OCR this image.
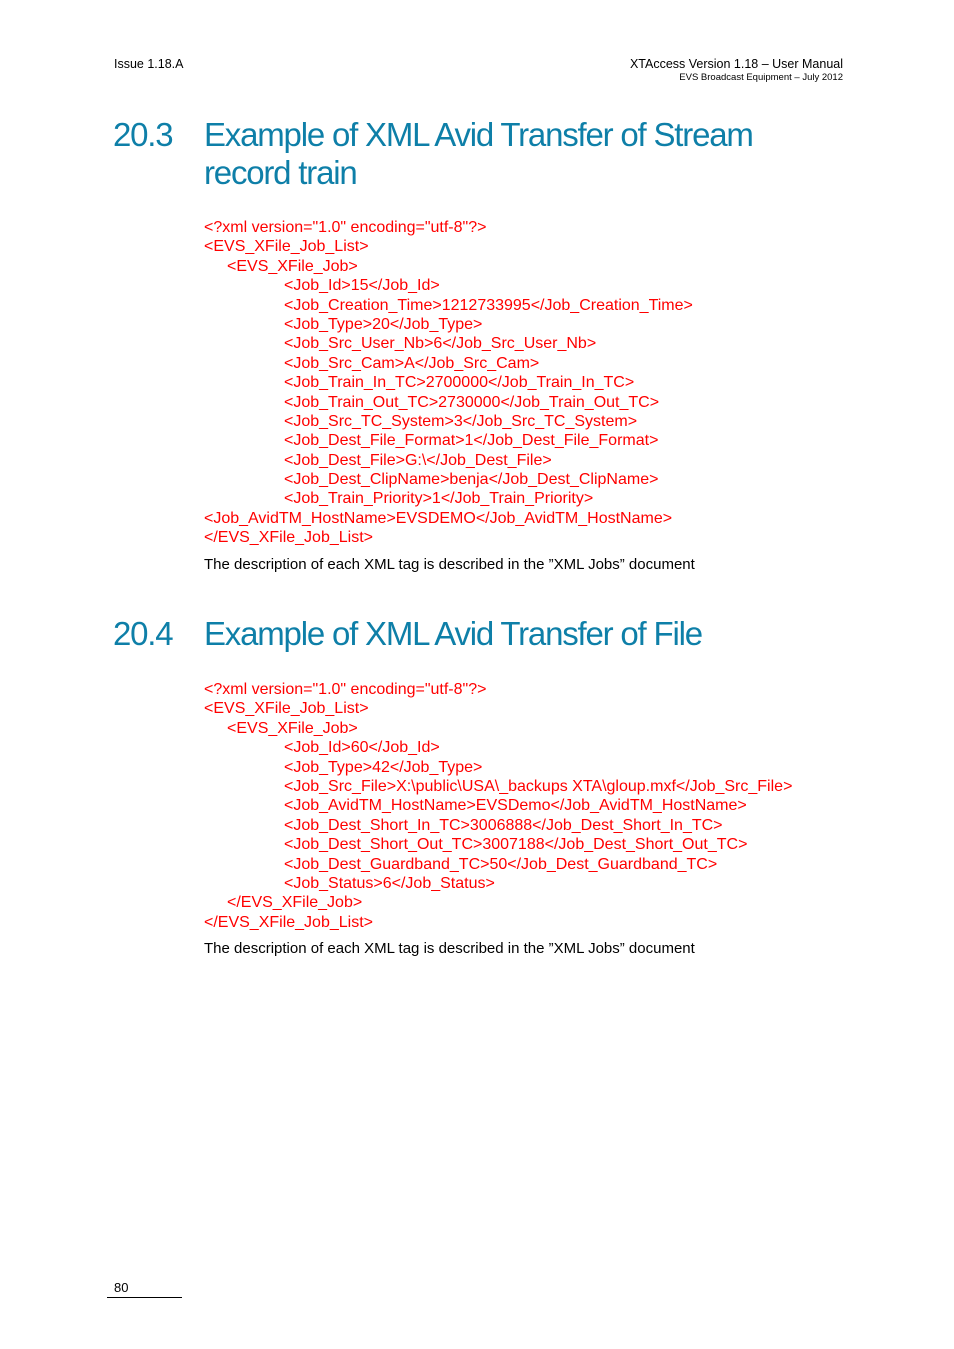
Issue 1.18.A	XTAccess Version 1.18 – User Manual
EVS Broadcast Equipment – July 2012
20.3 Example of XML Avid Transfer of Stream record train
<?xml version="1.0" encoding="utf-8"?>
<EVS_XFile_Job_List>
<EVS_XFile_Job>
<Job_Id>15</Job_Id>
<Job_Creation_Time>1212733995</Job_Creation_Time>
<Job_Type>20</Job_Type>
<Job_Src_User_Nb>6</Job_Src_User_Nb>
<Job_Src_Cam>A</Job_Src_Cam>
<Job_Train_In_TC>2700000</Job_Train_In_TC>
<Job_Train_Out_TC>2730000</Job_Train_Out_TC>
<Job_Src_TC_System>3</Job_Src_TC_System>
<Job_Dest_File_Format>1</Job_Dest_File_Format>
<Job_Dest_File>G:\</Job_Dest_File>
<Job_Dest_ClipName>benja</Job_Dest_ClipName>
<Job_Train_Priority>1</Job_Train_Priority>
<Job_AvidTM_HostName>EVSDEMO</Job_AvidTM_HostName>
</EVS_XFile_Job_List>
The description of each XML tag is described in the ”XML Jobs” document
20.4 Example of XML Avid Transfer of File
<?xml version="1.0" encoding="utf-8"?>
<EVS_XFile_Job_List>
<EVS_XFile_Job>
<Job_Id>60</Job_Id>
<Job_Type>42</Job_Type>
<Job_Src_File>X:\public\USA\_backups XTA\gloup.mxf</Job_Src_File>
<Job_AvidTM_HostName>EVSDemo</Job_AvidTM_HostName>
<Job_Dest_Short_In_TC>3006888</Job_Dest_Short_In_TC>
<Job_Dest_Short_Out_TC>3007188</Job_Dest_Short_Out_TC>
<Job_Dest_Guardband_TC>50</Job_Dest_Guardband_TC>
<Job_Status>6</Job_Status>
</EVS_XFile_Job>
</EVS_XFile_Job_List>
The description of each XML tag is described in the ”XML Jobs” document
80
